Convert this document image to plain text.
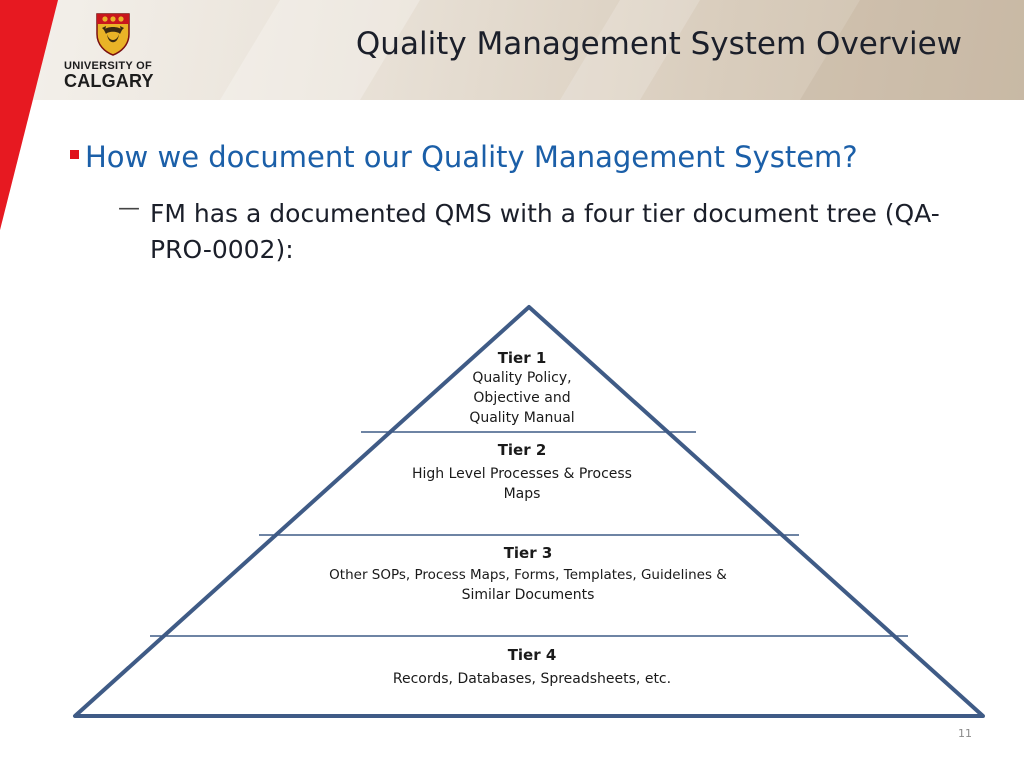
UNIVERSITY OF
CALGARY
Quality Management System Overview
How we document our Quality Management System?
— FM has a documented QMS with a four tier document tree (QA-PRO-0002):
Tier 1
Quality Policy,
Objective and
Quality Manual
Tier 2
High Level Processes & Process
Maps
Tier 3
Other SOPs, Process Maps, Forms, Templates, Guidelines &
Similar Documents
Tier 4
Records, Databases, Spreadsheets, etc.
11
